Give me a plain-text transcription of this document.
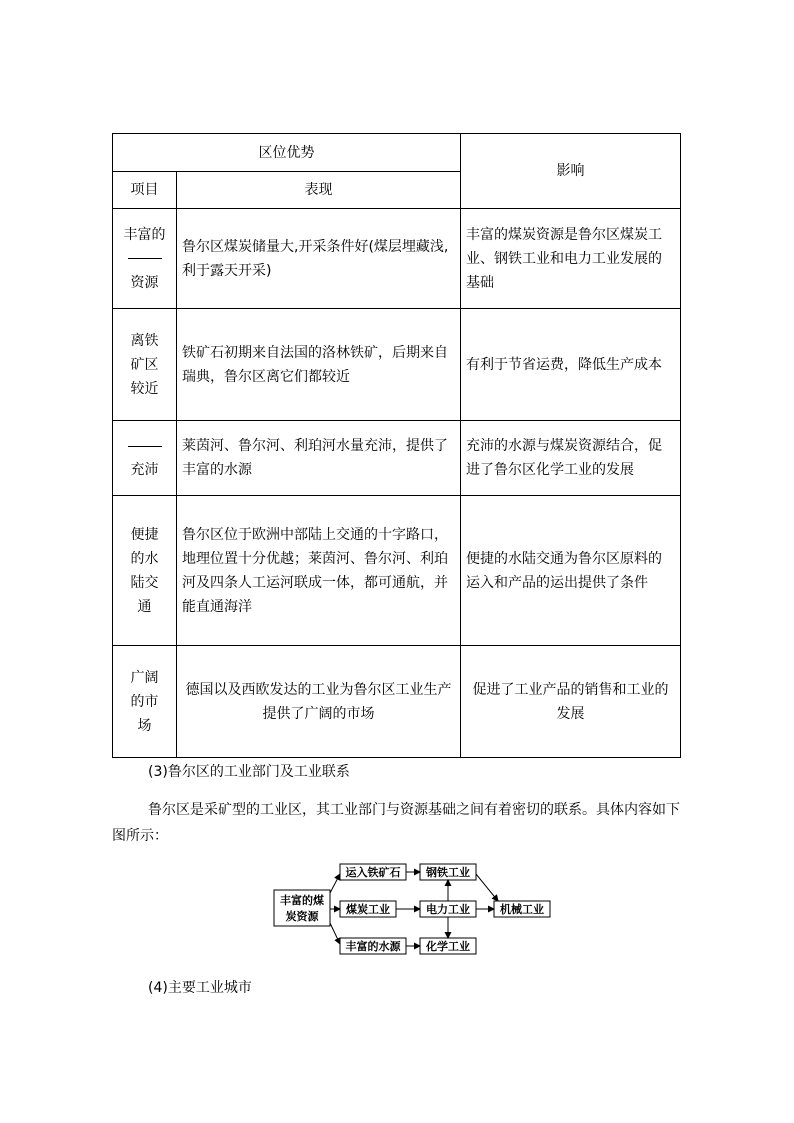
区位优势		影响
项目	表现	

丰富的
资源	鲁尔区煤炭储量大,开采条件好(煤层埋藏浅,利于露天开采)	丰富的煤炭资源是鲁尔区煤炭工业、钢铁工业和电力工业发展的基础

离铁
矿区
较近	铁矿石初期来自法国的洛林铁矿，后期来自瑞典，鲁尔区离它们都较近	有利于节省运费，降低生产成本

充沛	莱茵河、鲁尔河、利珀河水量充沛，提供了丰富的水源	充沛的水源与煤炭资源结合，促进了鲁尔区化学工业的发展

便捷
的水
陆交
通	鲁尔区位于欧洲中部陆上交通的十字路口，地理位置十分优越；莱茵河、鲁尔河、利珀河及四条人工运河联成一体，都可通航，并能直通海洋	便捷的水陆交通为鲁尔区原料的运入和产品的运出提供了条件

广阔
的市
场	德国以及西欧发达的工业为鲁尔区工业生产提供了广阔的市场	促进了工业产品的销售和工业的发展

(3)鲁尔区的工业部门及工业联系

鲁尔区是采矿型的工业区，其工业部门与资源基础之间有着密切的联系。具体内容如下图所示：

丰富的煤
炭资源
运入铁矿石
煤炭工业
丰富的水源
钢铁工业
电力工业
化学工业
机械工业

(4)主要工业城市
